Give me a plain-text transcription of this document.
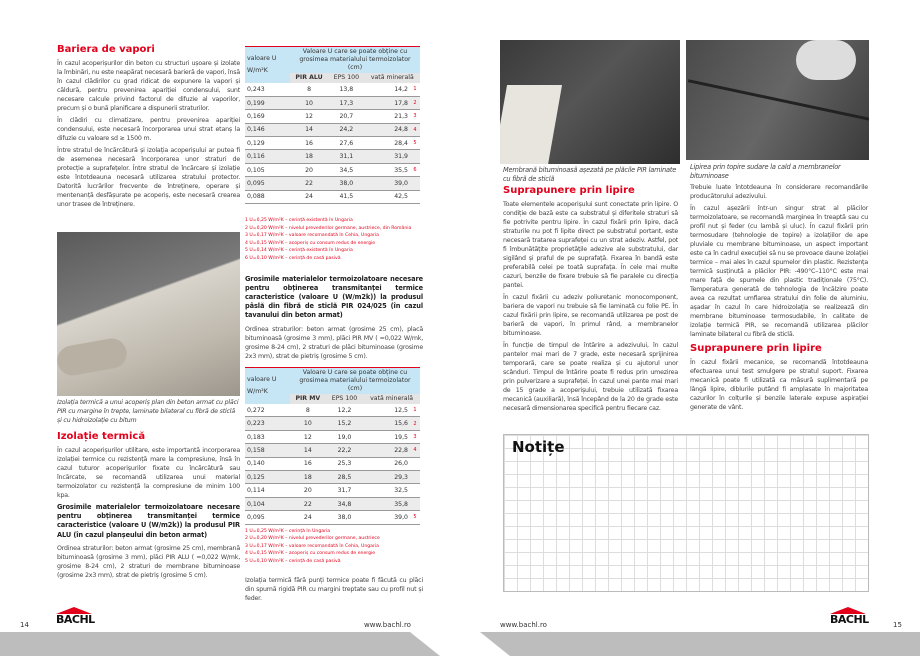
Bariera de vapori

În cazul acoperișurilor din beton cu structuri ușoare și izolate la îmbinări, nu este neapărat necesară barieră de vapori, însă în cazul clădirilor cu grad ridicat de expunere la vapori și căldură, pentru prevenirea apariției condensului, sunt necesare calcule privind factorul de difuzie al vaporilor, precum și o bună planificare a dispunerii straturilor.

În clădiri cu climatizare, pentru prevenirea apariției condensului, este necesară încorporarea unui strat etanș la difuzie cu valoare sd ≥ 1500 m.

Între stratul de încărcătură și izolația acoperișului ar putea fi de asemenea necesară încorporarea unor straturi de protecție a suprafețelor. Între stratul de încărcare și izolație este întotdeauna necesară utilizarea stratului protector. Datorită lucrărilor frecvente de întreținere, operare și mentenanță desfășurate pe acoperiș, este necesară crearea unor trasee de întreținere.

Izolația termică a unui acoperiș plan din beton armat cu plăci PIR cu margine în trepte, laminate bilateral cu fibră de sticlă și cu hidroizolație cu bitum
Izolație termică

În cazul acoperișurilor utilitare, este importantă incorporarea izolației termice cu rezistență mare la compresiune, însă în cazul tuturor acoperișurilor fixate cu încărcătură sau încărcate, se recomandă utilizarea unui material termoizolator cu rezistență la compresiune de minim 100 kpa.

Grosimile materialelor termoizolatoare necesare pentru obținerea transmitanței termice caracteristice (valoare U (W/m2k)) la produsul PIR ALU (în cazul planșeului din beton armat)

Ordinea straturilor: beton armat (grosime 25 cm), membrană bituminoasă (grosime 3 mm), plăci PIR ALU ( =0,022 W/mk, grosime 8-24 cm), 2 straturi de membrane bituminoase (grosime 2x3 mm), strat de pietriș (grosime 5 cm).

valoare U
W/m²K	Valoare U care se poate obține cu grosimea materialului termoizolator (cm)			
	PIR ALU	EPS 100	vată minerală	
0,243	8	13,8	14,2	1
0,199	10	17,3	17,8	2
0,169	12	20,7	21,3	3
0,146	14	24,2	24,8	4
0,129	16	27,6	28,4	5
0,116	18	31,1	31,9	
0,105	20	34,5	35,5	6
0,095	22	38,0	39,0	
0,088	24	41,5	42,5	
1 U=0,25 W/m²K – cerință existentă în Ungaria
2 U=0,20 W/m²K – nivelul prevederilor germane, austriece, din România
3 U=0,17 W/m²K – valoare recomandată în Cehia, Ungaria
4 U=0,15 W/m²K – acoperiș cu consum redus de energie
5 U=0,14 W/m²K – cerință existentă în Ungaria
6 U=0,10 W/m²K – cerință de casă pasivă
Grosimile materialelor termoizolatoare necesare pentru obținerea transmitanței termice caracteristice (valoare U (W/m2k)) la produsul pâslă din fibră de sticlă PIR 024/025 (în cazul tavanului din beton armat)

Ordinea straturilor: beton armat (grosime 25 cm), placă bituminoasă (grosime 3 mm), plăci PIR MV ( =0,022 W/mk, grosime 8-24 cm), 2 straturi de plăci bituminoase (grosime 2x3 mm), strat de pietriș (grosime 5 cm).

valoare U
W/m²K	Valoare U care se poate obține cu grosimea materialului termoizolator (cm)			
	PIR MV	EPS 100	vată minerală	
0,272	8	12,2	12,5	1
0,223	10	15,2	15,6	2
0,183	12	19,0	19,5	3
0,158	14	22,2	22,8	4
0,140	16	25,3	26,0	
0,125	18	28,5	29,3	
0,114	20	31,7	32,5	
0,104	22	34,8	35,8	
0,095	24	38,0	39,0	5
1 U=0,25 W/m²K – cerință în Ungaria
2 U=0,20 W/m²K – nivelul prevederilor germane, austriece
3 U=0,17 W/m²K – valoare recomandată în Cehia, Ungaria
4 U=0,15 W/m²K – acoperiș cu consum redus de energie
5 U=0,10 W/m²K – cerință de casă pasivă

Izolația termică fără punți termice poate fi făcută cu plăci din spumă rigidă PIR cu margini treptate sau cu profil nut și feder.

14 BACHL	www.bachl.ro
Membrană bituminoasă așezată pe plăcile PIR laminate cu fibră de sticlă
Suprapunere prin lipire

Toate elementele acoperișului sunt conectate prin lipire. O condiție de bază este ca substratul și diferitele straturi să fie potrivite pentru lipire. În cazul fixării prin lipire, dacă straturile nu pot fi lipite direct pe substratul portant, este necesară tratarea suprafeței cu un strat adeziv. Astfel, pot fi îmbunătățite proprietățile adezive ale substratului, dar sigilând și praful de pe suprafață. Fixarea în bandă este preferabilă celei pe toată suprafața. În cele mai multe cazuri, benzile de fixare trebuie să fie paralele cu direcția pantei.

În cazul fixării cu adeziv poliuretanic monocomponent, bariera de vapori nu trebuie să fie laminată cu folie PE. În cazul fixării prin lipire, se recomandă utilizarea pe post de barieră de vapori, în primul rând, a membranelor bituminoase.

În funcție de timpul de întărire a adezivului, în cazul pantelor mai mari de 7 grade, este necesară sprijinirea temporară, care se poate realiza și cu ajutorul unor scânduri. Timpul de întărire poate fi redus prin umezirea prin pulverizare a suprafeței. În cazul unei pante mai mari de 15 grade a acoperișului, trebuie utilizată fixarea mecanică (auxiliară), însă începând de la 20 de grade este necesară dimensionarea specifică pentru fiecare caz.

Lipirea prin topire sudare la cald a membranelor bituminoase

Trebuie luate întotdeauna în considerare recomandările producătorului adezivului.

În cazul așezării într-un singur strat al plăcilor termoizolatoare, se recomandă marginea în treaptă sau cu profil nut și feder (cu lambă și uluc). În cazul fixării prin termosudare (tehnologie de topire) a izolațiilor de ape pluviale cu membrane bituminoase, un aspect important este ca în cadrul execuției să nu se provoace daune izolației termice – mai ales în cazul spumelor din plastic. Rezistența termică susținută a plăcilor PIR: -490°C–110°C este mai mare față de spumele din plastic tradiționale (75°C). Temperatura generată de tehnologia de încălzire poate avea ca rezultat umflarea stratului din folie de aluminiu, așadar în cazul în care hidroizolația se realizează din membrane bituminoase termosudabile, în calitate de izolație termică PIR, se recomandă utilizarea plăcilor laminate bilateral cu fibră de sticlă.

Suprapunere prin lipire

În cazul fixării mecanice, se recomandă întotdeauna efectuarea unui test smulgere pe stratul suport. Fixarea mecanică poate fi utilizată ca măsură suplimentară pe lângă lipire, diblurile putând fi amplasate în majoritatea cazurilor în colțurile și benzile laterale expuse aspirației generate de vânt.

Notițe
www.bachl.ro	BACHL	15
